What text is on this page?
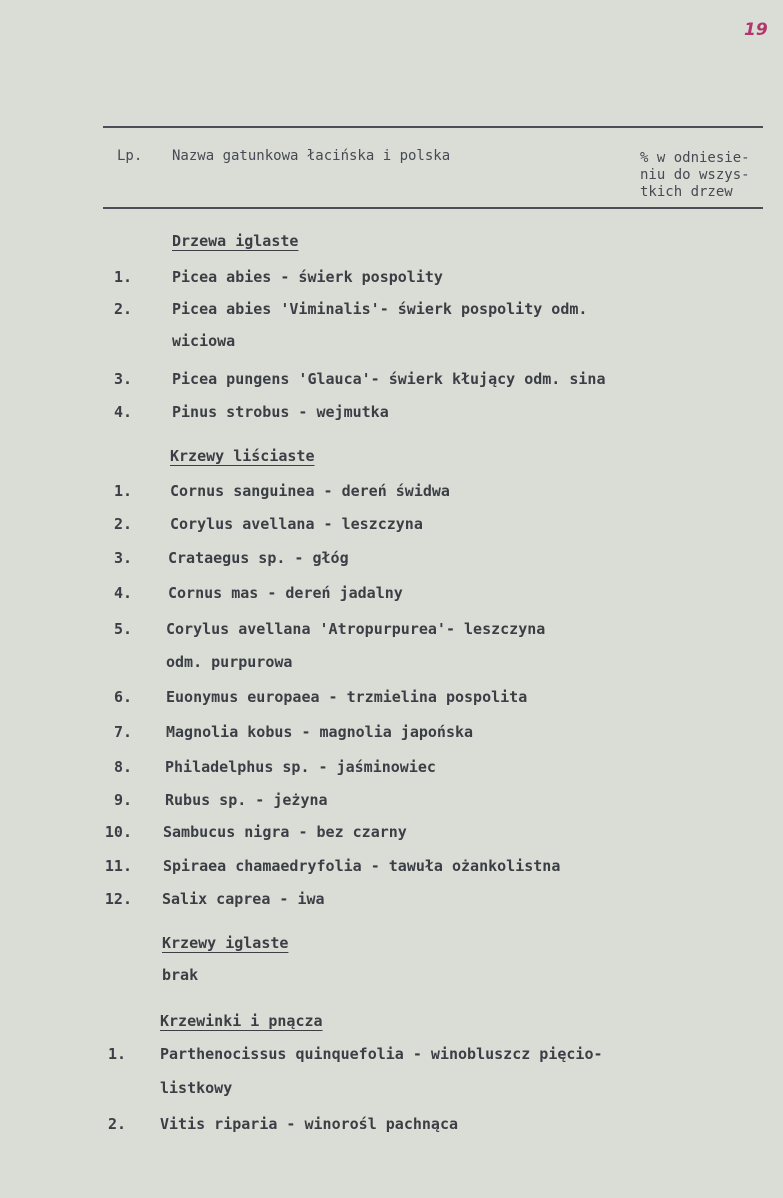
19
Lp. Nazwa gatunkowa łacińska i polska	% w odniesie-
niu do wszys-
tkich drzew
Drzewa iglaste
1.	Picea abies - świerk pospolity
2.	Picea abies 'Viminalis'- świerk pospolity odm.
wiciowa
3.	Picea pungens 'Glauca'- świerk kłujący odm. sina
4.	Pinus strobus - wejmutka
Krzewy liściaste
1.	Cornus sanguinea - dereń świdwa
2.	Corylus avellana - leszczyna
3. Crataegus sp. - głóg
4. Cornus mas - dereń jadalny
5. Corylus avellana 'Atropurpurea'- leszczyna
odm. purpurowa
6. Euonymus europaea - trzmielina pospolita
7. Magnolia kobus - magnolia japońska
8. Philadelphus sp. - jaśminowiec
9. Rubus sp. - jeżyna
10. Sambucus nigra - bez czarny
11. Spiraea chamaedryfolia - tawuła ożankolistna
12. Salix caprea - iwa
Krzewy iglaste
brak
Krzewinki i pnącza
1. Parthenocissus quinquefolia - winobluszcz pięcio-
listkowy
2. Vitis riparia - winorośl pachnąca
